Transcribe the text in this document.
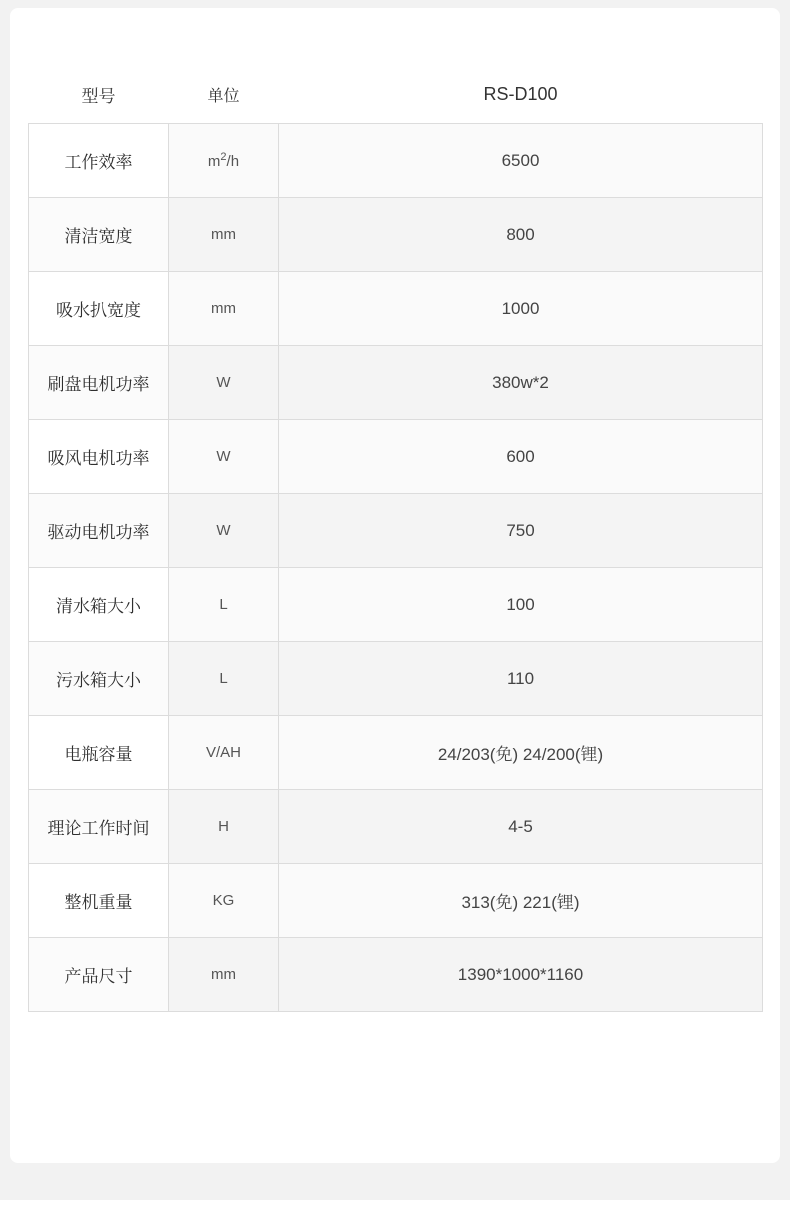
型号	单位	RS-D100
工作效率	$m^2/h$	6500
清洁宽度	mm	800
吸水扒宽度	mm	1000
刷盘电机功率	W	380w*2
吸风电机功率	W	600
驱动电机功率	W	750
清水箱大小	L	100
污水箱大小	L	110
电瓶容量	V/AH	24/203(免) 24/200(锂)
理论工作时间	H	4-5
整机重量	KG	313(免) 221(锂)
产品尺寸	mm	1390*1000*1160
